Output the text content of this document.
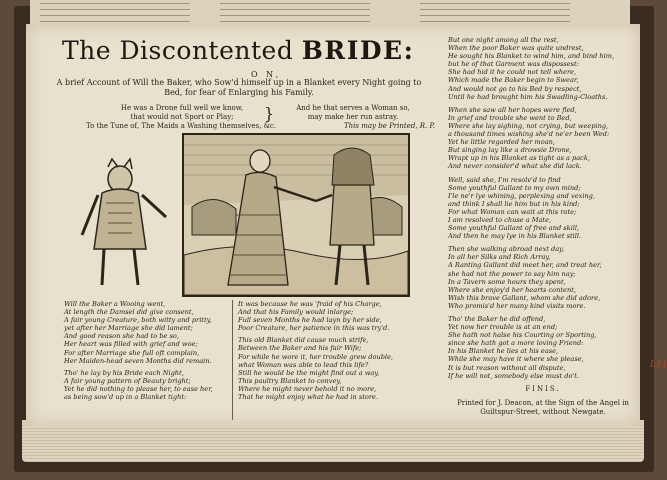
The Discontented BRIDE:
O N,
A brief Account of Will the Baker, who Sow'd himself up in a Blanket every Night going to Bed, for fear of Enlarging his Family.
He was a Drone full well we know,
that would not Sport or Play;	}	And he that serves a Woman so,
may make her run astray.
To the Tune of, The Maids a Washing themselves, &c.	This may be Printed, R. P.
Will the Baker a Wooing went,
At length the Damsel did give consent,
A fair young Creature, both witty and pritty,
yet after her Marriage she did lament;
And good reason she had to be so,
Her heart was filled with grief and woe;
For after Marriage she full oft complain,
Her Maiden-head seven Months did remain.
Tho' he lay by his Bride each Night,
A fair young pattern of Beauty bright;
Yet he did nothing to please her, to ease her,
as being sow'd up in a Blanket tight:
It was because he was 'fraid of his Charge,
And that his Family would inlarge;
Full seven Months he had layn by her side,
Poor Creature, her patience in this was try'd.
This old Blanket did cause much strife,
Between the Baker and his fair Wife;
For while he wore it, her trouble grew double,
what Woman was able to lead this life?
Still he would be the might find out a way,
This paultry Blanket to convey,
Where he might never behold it no more,
That he might enjoy what he had in store.
But one night among all the rest,
When the poor Baker was quite undrest,
He sought his Blanket to wind him, and bind him,
but he of that Garment was dispossest:
She had hid it he could not tell where,
Which made the Baker begin to Swear,
And would not go to his Bed by respect,
Until he had brought him his Swadling-Cloaths.
When she saw all her hopes were fled,
In grief and trouble she went to Bed,
Where she lay sighing, not crying, but weeping,
a thousand times wishing she'd ne'er been Wed:
Yet he little regarded her moan,
But singing lay like a drowsie Drone,
Wrapt up in his Blanket as tight as a pack,
And never consider'd what she did lack.
Well, said she, I'm resolv'd to find
Some youthful Gallant to my own mind;
I'le ne'r lye whining, perplexing and vexing,
and think I shall lie him but in his kind;
For what Woman can wait at this rate;
I am resolved to chuse a Mate,
Some youthful Gallant of free and skill,
And then he may lye in his Blanket still.
Then she walking abroad next day,
In all her Silks and Rich Array,
A Ranting Gallant did meet her, and treat her,
she had not the power to say him nay;
In a Tavern some hours they spent,
Where she enjoy'd her hearts content,
Wish this brave Gallant, whom she did adore,
Who promis'd her many kind visits more.
Tho' the Baker he did offend,
Yet now her trouble is at an end;
She hath not halse his Courting or Sporting,
since she hath got a more loving Friend:
In his Blanket he lies at his ease,
While she may have it where she please,
It is but reason without all dispute,
If he will not, somebody else must do't.
FINIS.
Printed for J. Deacon, at the Sign of the Angel in
Guiltspur-Street, without Newgate.
L11
